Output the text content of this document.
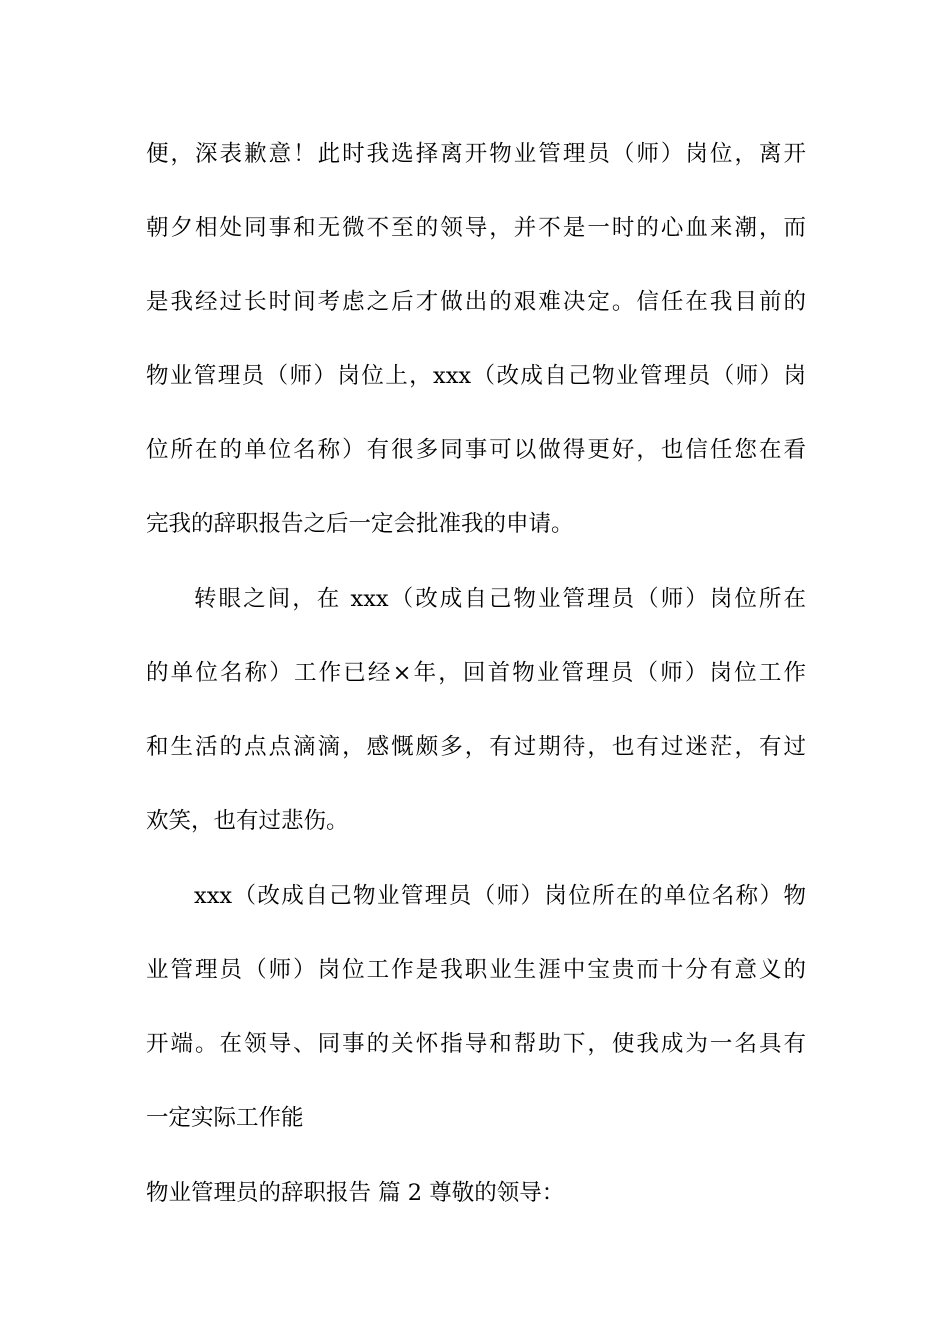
便，深表歉意！此时我选择离开物业管理员（师）岗位，离开
朝夕相处同事和无微不至的领导，并不是一时的心血来潮，而
是我经过长时间考虑之后才做出的艰难决定。信任在我目前的
物业管理员（师）岗位上，xxx（改成自己物业管理员（师）岗
位所在的单位名称）有很多同事可以做得更好，也信任您在看
完我的辞职报告之后一定会批准我的申请。
转眼之间，在 xxx（改成自己物业管理员（师）岗位所在
的单位名称）工作已经×年，回首物业管理员（师）岗位工作
和生活的点点滴滴，感慨颇多，有过期待，也有过迷茫，有过
欢笑，也有过悲伤。
xxx（改成自己物业管理员（师）岗位所在的单位名称）物
业管理员（师）岗位工作是我职业生涯中宝贵而十分有意义的
开端。在领导、同事的关怀指导和帮助下，使我成为一名具有
一定实际工作能
物业管理员的辞职报告 篇 2 尊敬的领导：
